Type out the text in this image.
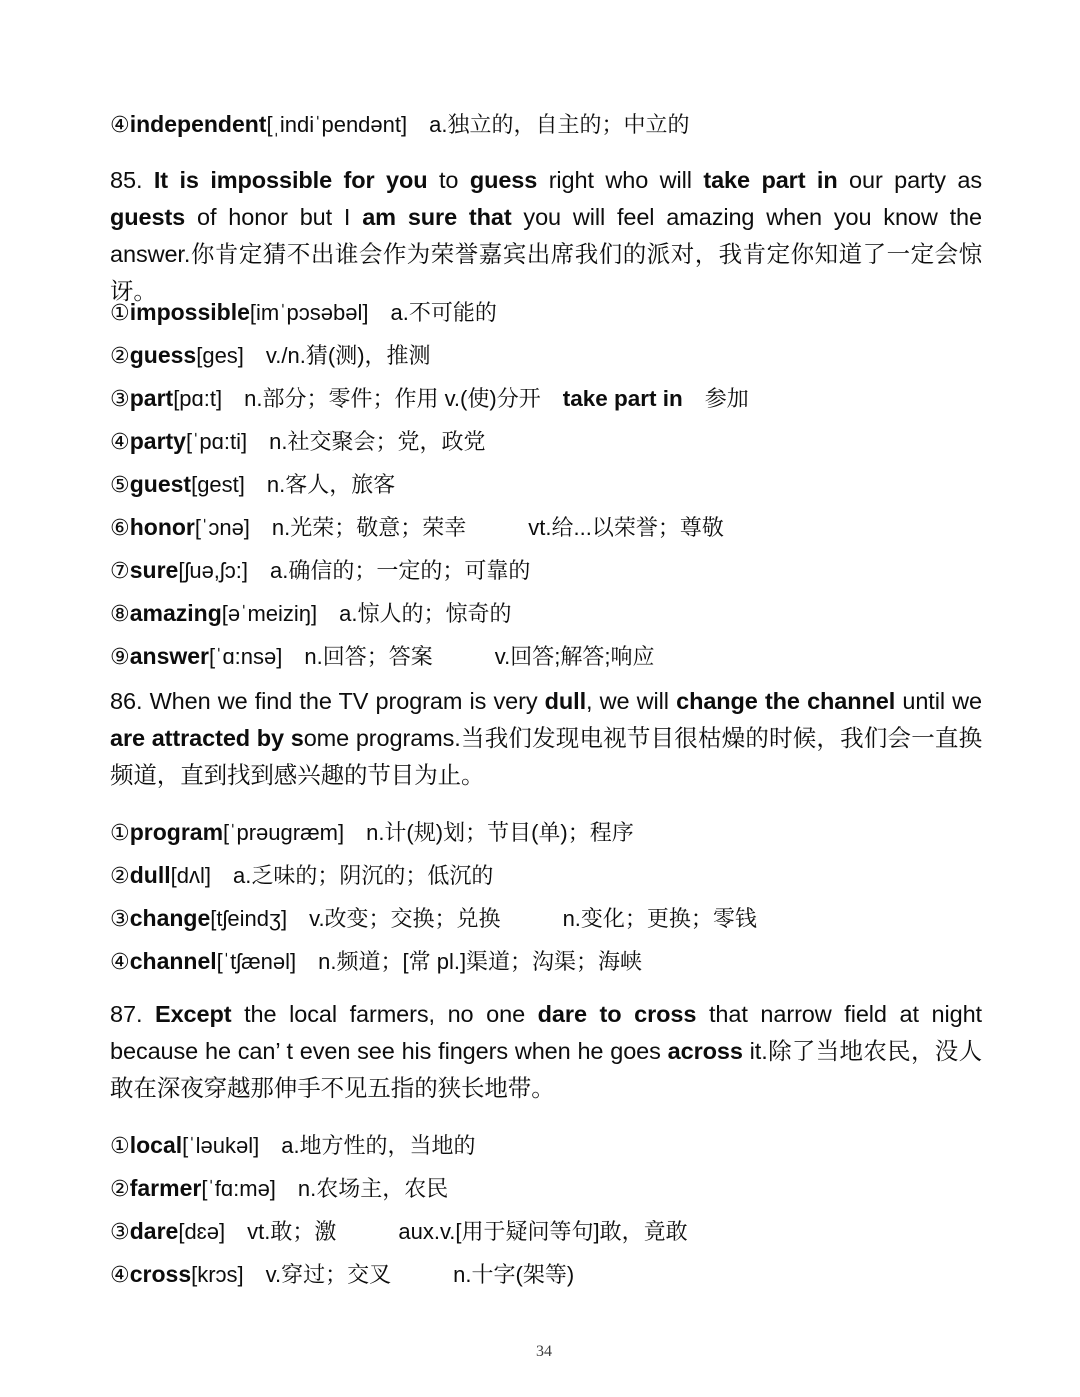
④independent[ˌindiˈpendənt] a.独立的，自主的；中立的

85. It is impossible for you to guess right who will take part in our party as guests of honor but I am sure that you will feel amazing when you know the answer.你肯定猜不出谁会作为荣誉嘉宾出席我们的派对，我肯定你知道了一定会惊讶。

①impossible[imˈpɔsəbəl] a.不可能的
②guess[ges] v./n.猜(测)，推测
③part[pɑ:t] n.部分；零件；作用 v.(使)分开 take part in 参加
④party[ˈpɑ:ti] n.社交聚会；党，政党
⑤guest[gest] n.客人，旅客
⑥honor[ˈɔnə] n.光荣；敬意；荣幸	vt.给...以荣誉；尊敬
⑦sure[ʃuə,ʃɔ:] a.确信的；一定的；可靠的
⑧amazing[əˈmeiziŋ] a.惊人的；惊奇的
⑨answer[ˈɑ:nsə] n.回答；答案	v.回答;解答;响应

86. When we find the TV program is very dull, we will change the channel until we are attracted by some programs.当我们发现电视节目很枯燥的时候，我们会一直换频道，直到找到感兴趣的节目为止。

①program[ˈprəugræm] n.计(规)划；节目(单)；程序
②dull[dʌl] a.乏味的；阴沉的；低沉的
③change[tʃeindʒ] v.改变；交换；兑换	n.变化；更换；零钱
④channel[ˈtʃænəl] n.频道；[常 pl.]渠道；沟渠；海峡

87. Except the local farmers, no one dare to cross that narrow field at night because he can’ t even see his fingers when he goes across it.除了当地农民，没人敢在深夜穿越那伸手不见五指的狭长地带。

①local[ˈləukəl] a.地方性的，当地的
②farmer[ˈfɑ:mə] n.农场主，农民
③dare[dɛə] vt.敢；激	aux.v.[用于疑问等句]敢，竟敢
④cross[krɔs] v.穿过；交叉	n.十字(架等)
34
